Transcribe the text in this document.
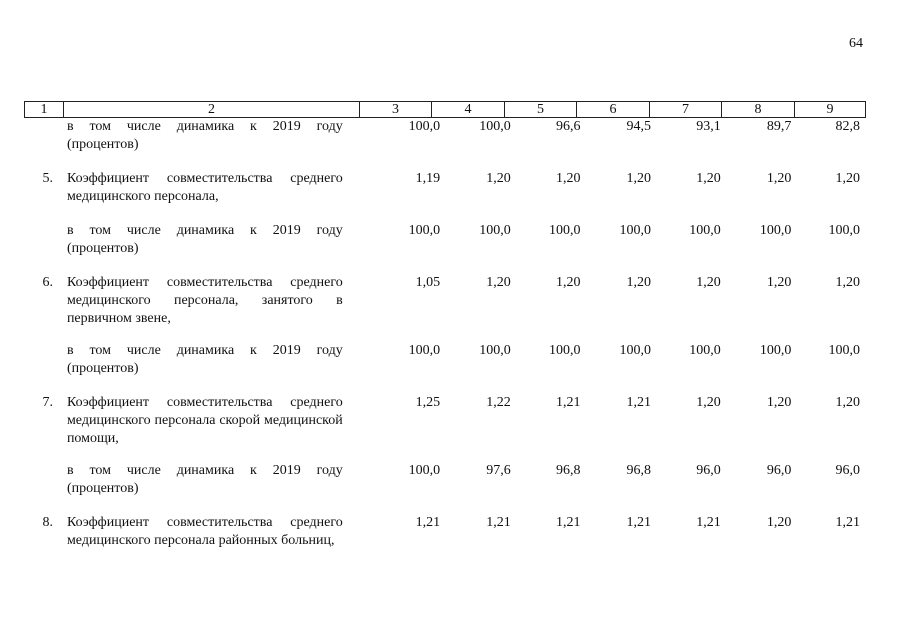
64
1	2	3	4	5	6	7	8	9
в том числе динамика к 2019 году (процентов)
100,0	100,0	96,6	94,5	93,1	89,7	82,8
5. Коэффициент совместительства среднего медицинского персонала,
1,19	1,20	1,20	1,20	1,20	1,20	1,20
в том числе динамика к 2019 году (процентов)
100,0	100,0	100,0	100,0	100,0	100,0	100,0
6. Коэффициент совместительства среднего медицинского персонала, занятого в первичном звене,
1,05	1,20	1,20	1,20	1,20	1,20	1,20
в том числе динамика к 2019 году (процентов)
100,0	100,0	100,0	100,0	100,0	100,0	100,0
7. Коэффициент совместительства среднего медицинского персонала скорой медицинской помощи,
1,25	1,22	1,21	1,21	1,20	1,20	1,20
в том числе динамика к 2019 году (процентов)
100,0	97,6	96,8	96,8	96,0	96,0	96,0
8. Коэффициент совместительства среднего медицинского персонала районных больниц,
1,21	1,21	1,21	1,21	1,21	1,20	1,21
